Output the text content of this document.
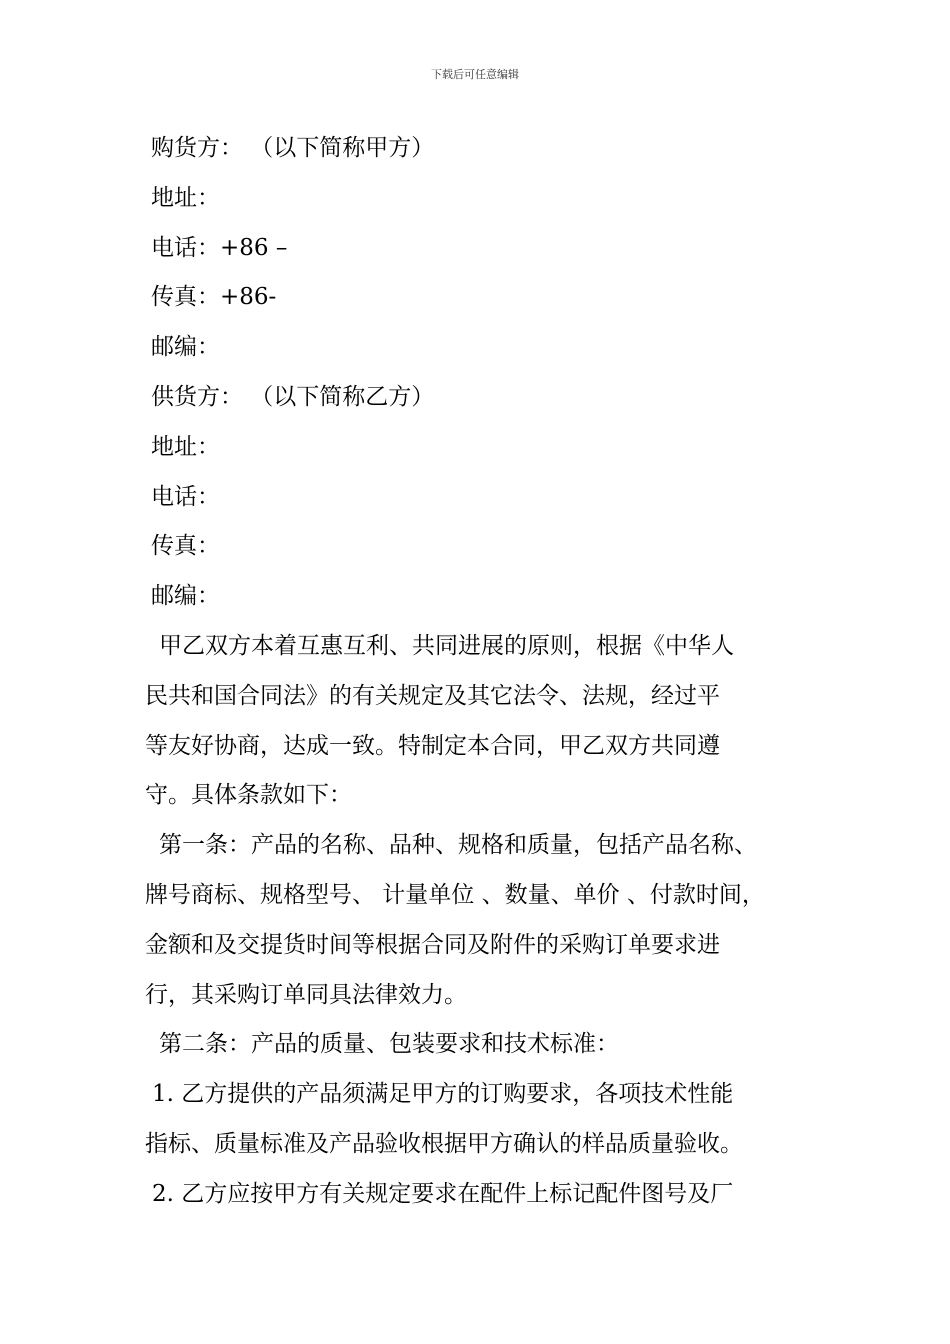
下载后可任意编辑
购货方： （以下简称甲方）
地址：
电话：+86 –
传真：+86-
邮编：
供货方： （以下简称乙方）
地址：
电话：
传真：
邮编：
甲乙双方本着互惠互利、共同进展的原则，根据《中华人
民共和国合同法》的有关规定及其它法令、法规，经过平
等友好协商，达成一致。特制定本合同，甲乙双方共同遵
守。具体条款如下：
第一条：产品的名称、品种、规格和质量，包括产品名称、
牌号商标、规格型号、 计量单位 、数量、单价 、付款时间，
金额和及交提货时间等根据合同及附件的采购订单要求进
行，其采购订单同具法律效力。
第二条：产品的质量、包装要求和技术标准：
1. 乙方提供的产品须满足甲方的订购要求，各项技术性能
指标、质量标准及产品验收根据甲方确认的样品质量验收。
2. 乙方应按甲方有关规定要求在配件上标记配件图号及厂
